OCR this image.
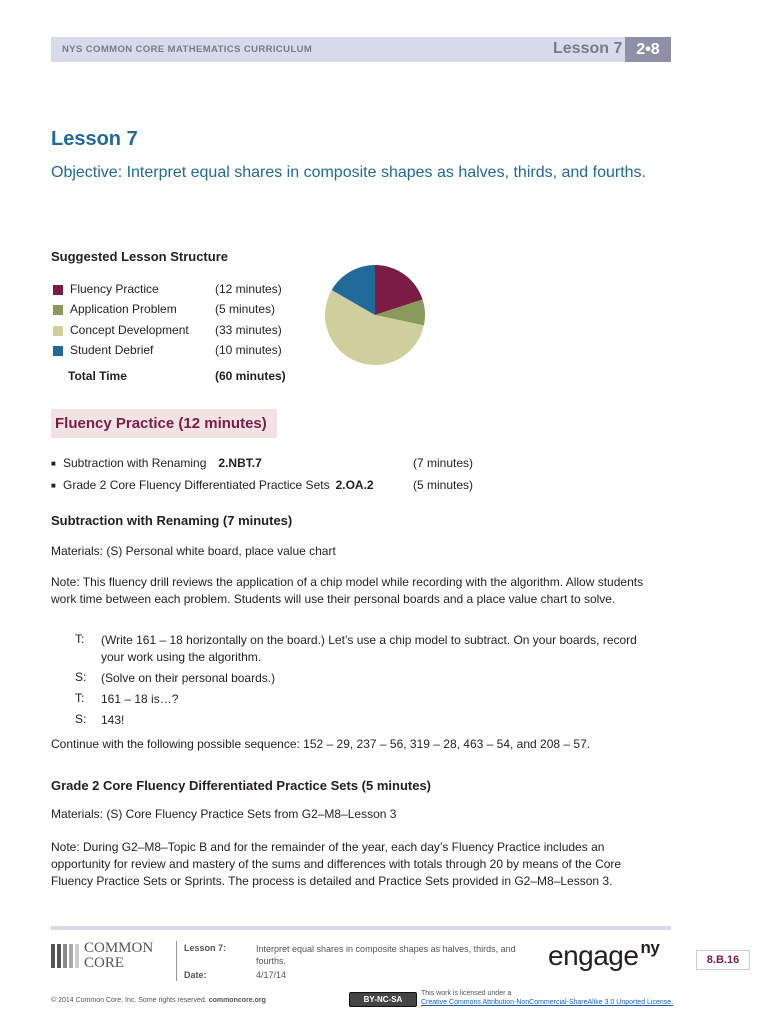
NYS COMMON CORE MATHEMATICS CURRICULUM	Lesson 7 2•8
Lesson 7
Objective: Interpret equal shares in composite shapes as halves, thirds, and fourths.
Suggested Lesson Structure
Fluency Practice	(12 minutes)
Application Problem	(5 minutes)
Concept Development (33 minutes)
Student Debrief	(10 minutes)
Total Time	(60 minutes)
Fluency Practice (12 minutes)
■ Subtraction with Renaming 2.NBT.7	(7 minutes)
■ Grade 2 Core Fluency Differentiated Practice Sets 2.OA.2	(5 minutes)
Subtraction with Renaming (7 minutes)
Materials: (S) Personal white board, place value chart
Note: This fluency drill reviews the application of a chip model while recording with the algorithm. Allow students work time between each problem. Students will use their personal boards and a place value chart to solve.
T: (Write 161 – 18 horizontally on the board.) Let’s use a chip model to subtract. On your boards, record your work using the algorithm.
S: (Solve on their personal boards.)
T: 161 – 18 is…?
S: 143!
Continue with the following possible sequence: 152 – 29, 237 – 56, 319 – 28, 463 – 54, and 208 – 57.
Grade 2 Core Fluency Differentiated Practice Sets (5 minutes)
Materials: (S) Core Fluency Practice Sets from G2–M8–Lesson 3
Note: During G2–M8–Topic B and for the remainder of the year, each day’s Fluency Practice includes an opportunity for review and mastery of the sums and differences with totals through 20 by means of the Core Fluency Practice Sets or Sprints. The process is detailed and Practice Sets provided in G2–M8–Lesson 3.
COMMON
CORE
Lesson 7:	Interpret equal shares in composite shapes as halves, thirds, and fourths.
Date:	4/17/14
engage $^{ny}$
8.B.16
© 2014 Common Core, Inc. Some rights reserved. commoncore.org	BY-NC-SA
This work is licensed under a
Creative Commons Attribution-NonCommercial-ShareAlike 3.0 Unported License.
